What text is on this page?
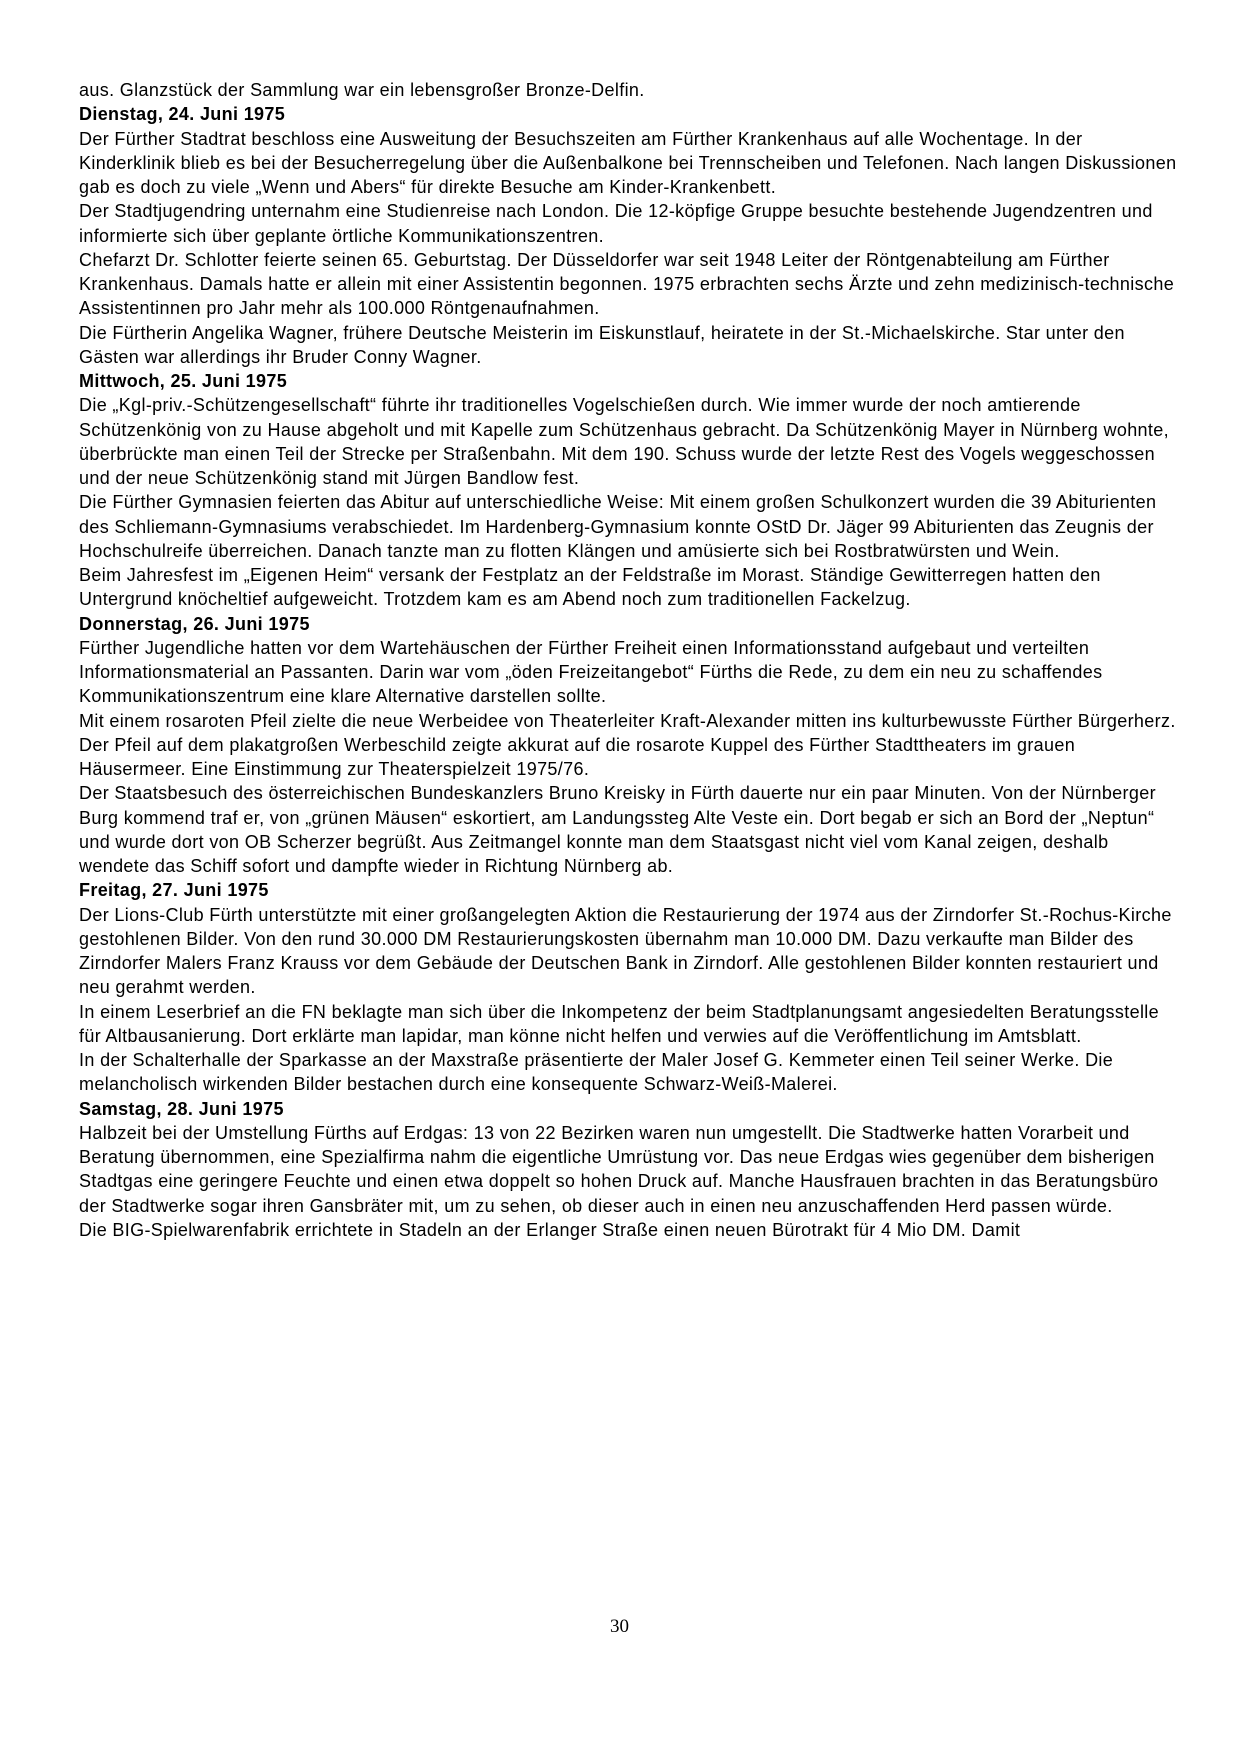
aus. Glanzstück der Sammlung war ein lebensgroßer Bronze-Delfin.

Dienstag, 24. Juni 1975

Der Fürther Stadtrat beschloss eine Ausweitung der Besuchszeiten am Fürther Krankenhaus auf alle Wochentage. In der Kinderklinik blieb es bei der Besucherregelung über die Außenbalkone bei Trennscheiben und Telefonen. Nach langen Diskussionen gab es doch zu viele „Wenn und Abers“ für direkte Besuche am Kinder-Krankenbett.

Der Stadtjugendring unternahm eine Studienreise nach London. Die 12-köpfige Gruppe besuchte bestehende Jugendzentren und informierte sich über geplante örtliche Kommunikationszentren.

Chefarzt Dr. Schlotter feierte seinen 65. Geburtstag. Der Düsseldorfer war seit 1948 Leiter der Röntgenabteilung am Fürther Krankenhaus. Damals hatte er allein mit einer Assistentin begonnen. 1975 erbrachten sechs Ärzte und zehn medizinisch-technische Assistentinnen pro Jahr mehr als 100.000 Röntgenaufnahmen.

Die Fürtherin Angelika Wagner, frühere Deutsche Meisterin im Eiskunstlauf, heiratete in der St.-Michaelskirche. Star unter den Gästen war allerdings ihr Bruder Conny Wagner.

Mittwoch, 25. Juni 1975

Die „Kgl-priv.-Schützengesellschaft“ führte ihr traditionelles Vogelschießen durch. Wie immer wurde der noch amtierende Schützenkönig von zu Hause abgeholt und mit Kapelle zum Schützenhaus gebracht. Da Schützenkönig Mayer in Nürnberg wohnte, überbrückte man einen Teil der Strecke per Straßenbahn. Mit dem 190. Schuss wurde der letzte Rest des Vogels weggeschossen und der neue Schützenkönig stand mit Jürgen Bandlow fest.

Die Fürther Gymnasien feierten das Abitur auf unterschiedliche Weise: Mit einem großen Schulkonzert wurden die 39 Abiturienten des Schliemann-Gymnasiums verabschiedet. Im Hardenberg-Gymnasium konnte OStD Dr. Jäger 99 Abiturienten das Zeugnis der Hochschulreife überreichen. Danach tanzte man zu flotten Klängen und amüsierte sich bei Rostbratwürsten und Wein.

Beim Jahresfest im „Eigenen Heim“ versank der Festplatz an der Feldstraße im Morast. Ständige Gewitterregen hatten den Untergrund knöcheltief aufgeweicht. Trotzdem kam es am Abend noch zum traditionellen Fackelzug.

Donnerstag, 26. Juni 1975

Fürther Jugendliche hatten vor dem Wartehäuschen der Fürther Freiheit einen Informationsstand aufgebaut und verteilten Informationsmaterial an Passanten. Darin war vom „öden Freizeitangebot“ Fürths die Rede, zu dem ein neu zu schaffendes Kommunikationszentrum eine klare Alternative darstellen sollte.

Mit einem rosaroten Pfeil zielte die neue Werbeidee von Theaterleiter Kraft-Alexander mitten ins kulturbewusste Fürther Bürgerherz. Der Pfeil auf dem plakatgroßen Werbeschild zeigte akkurat auf die rosarote Kuppel des Fürther Stadttheaters im grauen Häusermeer. Eine Einstimmung zur Theaterspielzeit 1975/76.

Der Staatsbesuch des österreichischen Bundeskanzlers Bruno Kreisky in Fürth dauerte nur ein paar Minuten. Von der Nürnberger Burg kommend traf er, von „grünen Mäusen“ eskortiert, am Landungssteg Alte Veste ein. Dort begab er sich an Bord der „Neptun“ und wurde dort von OB Scherzer begrüßt. Aus Zeitmangel konnte man dem Staatsgast nicht viel vom Kanal zeigen, deshalb wendete das Schiff sofort und dampfte wieder in Richtung Nürnberg ab.

Freitag, 27. Juni 1975

Der Lions-Club Fürth unterstützte mit einer großangelegten Aktion die Restaurierung der 1974 aus der Zirndorfer St.-Rochus-Kirche gestohlenen Bilder. Von den rund 30.000 DM Restaurierungskosten übernahm man 10.000 DM. Dazu verkaufte man Bilder des Zirndorfer Malers Franz Krauss vor dem Gebäude der Deutschen Bank in Zirndorf. Alle gestohlenen Bilder konnten restauriert und neu gerahmt werden.

In einem Leserbrief an die FN beklagte man sich über die Inkompetenz der beim Stadtplanungsamt angesiedelten Beratungsstelle für Altbausanierung. Dort erklärte man lapidar, man könne nicht helfen und verwies auf die Veröffentlichung im Amtsblatt.

In der Schalterhalle der Sparkasse an der Maxstraße präsentierte der Maler Josef G. Kemmeter einen Teil seiner Werke. Die melancholisch wirkenden Bilder bestachen durch eine konsequente Schwarz-Weiß-Malerei.

Samstag, 28. Juni 1975

Halbzeit bei der Umstellung Fürths auf Erdgas: 13 von 22 Bezirken waren nun umgestellt. Die Stadtwerke hatten Vorarbeit und Beratung übernommen, eine Spezialfirma nahm die eigentliche Umrüstung vor. Das neue Erdgas wies gegenüber dem bisherigen Stadtgas eine geringere Feuchte und einen etwa doppelt so hohen Druck auf. Manche Hausfrauen brachten in das Beratungsbüro der Stadtwerke sogar ihren Gansbräter mit, um zu sehen, ob dieser auch in einen neu anzuschaffenden Herd passen würde.

Die BIG-Spielwarenfabrik errichtete in Stadeln an der Erlanger Straße einen neuen Bürotrakt für 4 Mio DM. Damit

30
